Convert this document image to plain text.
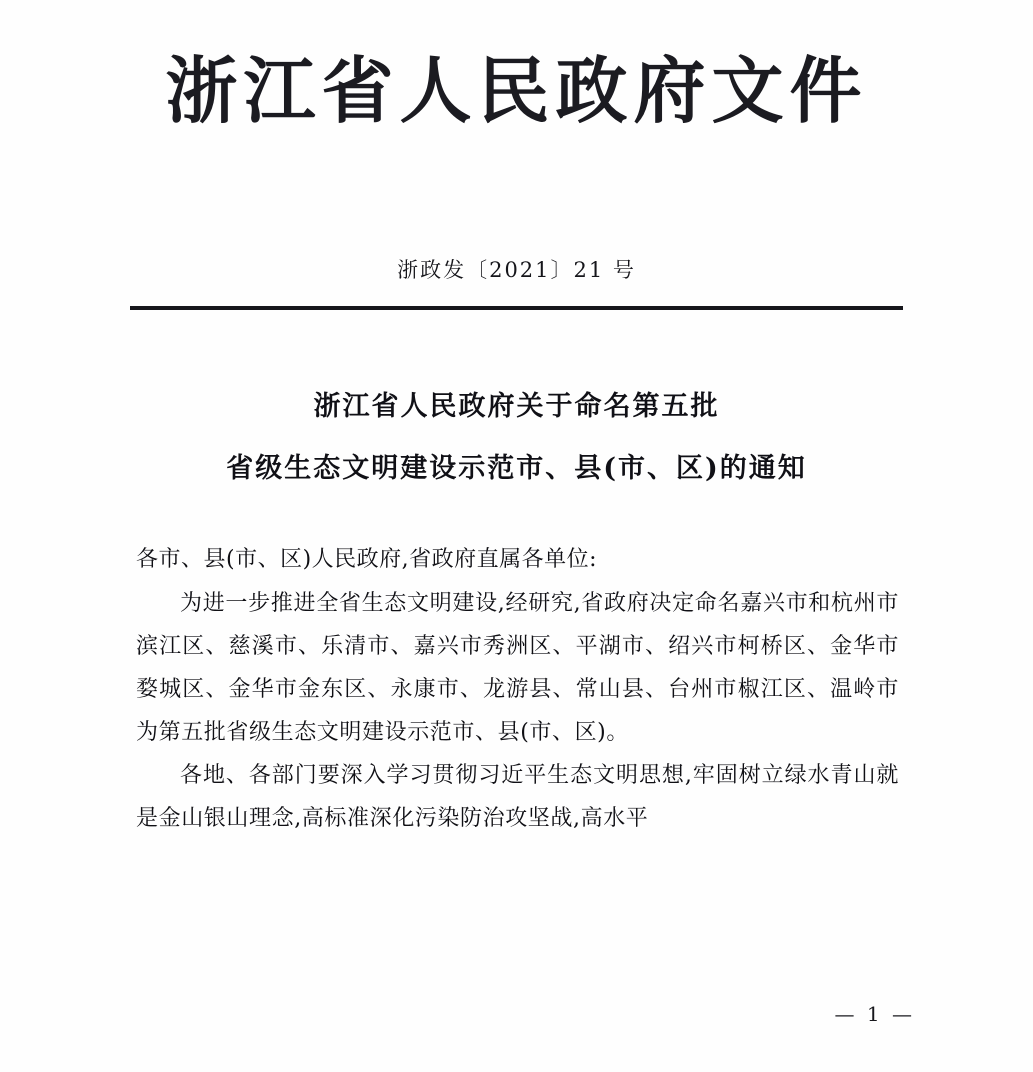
浙江省人民政府文件
浙政发〔2021〕21 号
浙江省人民政府关于命名第五批
省级生态文明建设示范市、县(市、区)的通知
各市、县(市、区)人民政府,省政府直属各单位:

为进一步推进全省生态文明建设,经研究,省政府决定命名嘉兴市和杭州市滨江区、慈溪市、乐清市、嘉兴市秀洲区、平湖市、绍兴市柯桥区、金华市婺城区、金华市金东区、永康市、龙游县、常山县、台州市椒江区、温岭市为第五批省级生态文明建设示范市、县(市、区)。

各地、各部门要深入学习贯彻习近平生态文明思想,牢固树立绿水青山就是金山银山理念,高标准深化污染防治攻坚战,高水平

— 1 —
